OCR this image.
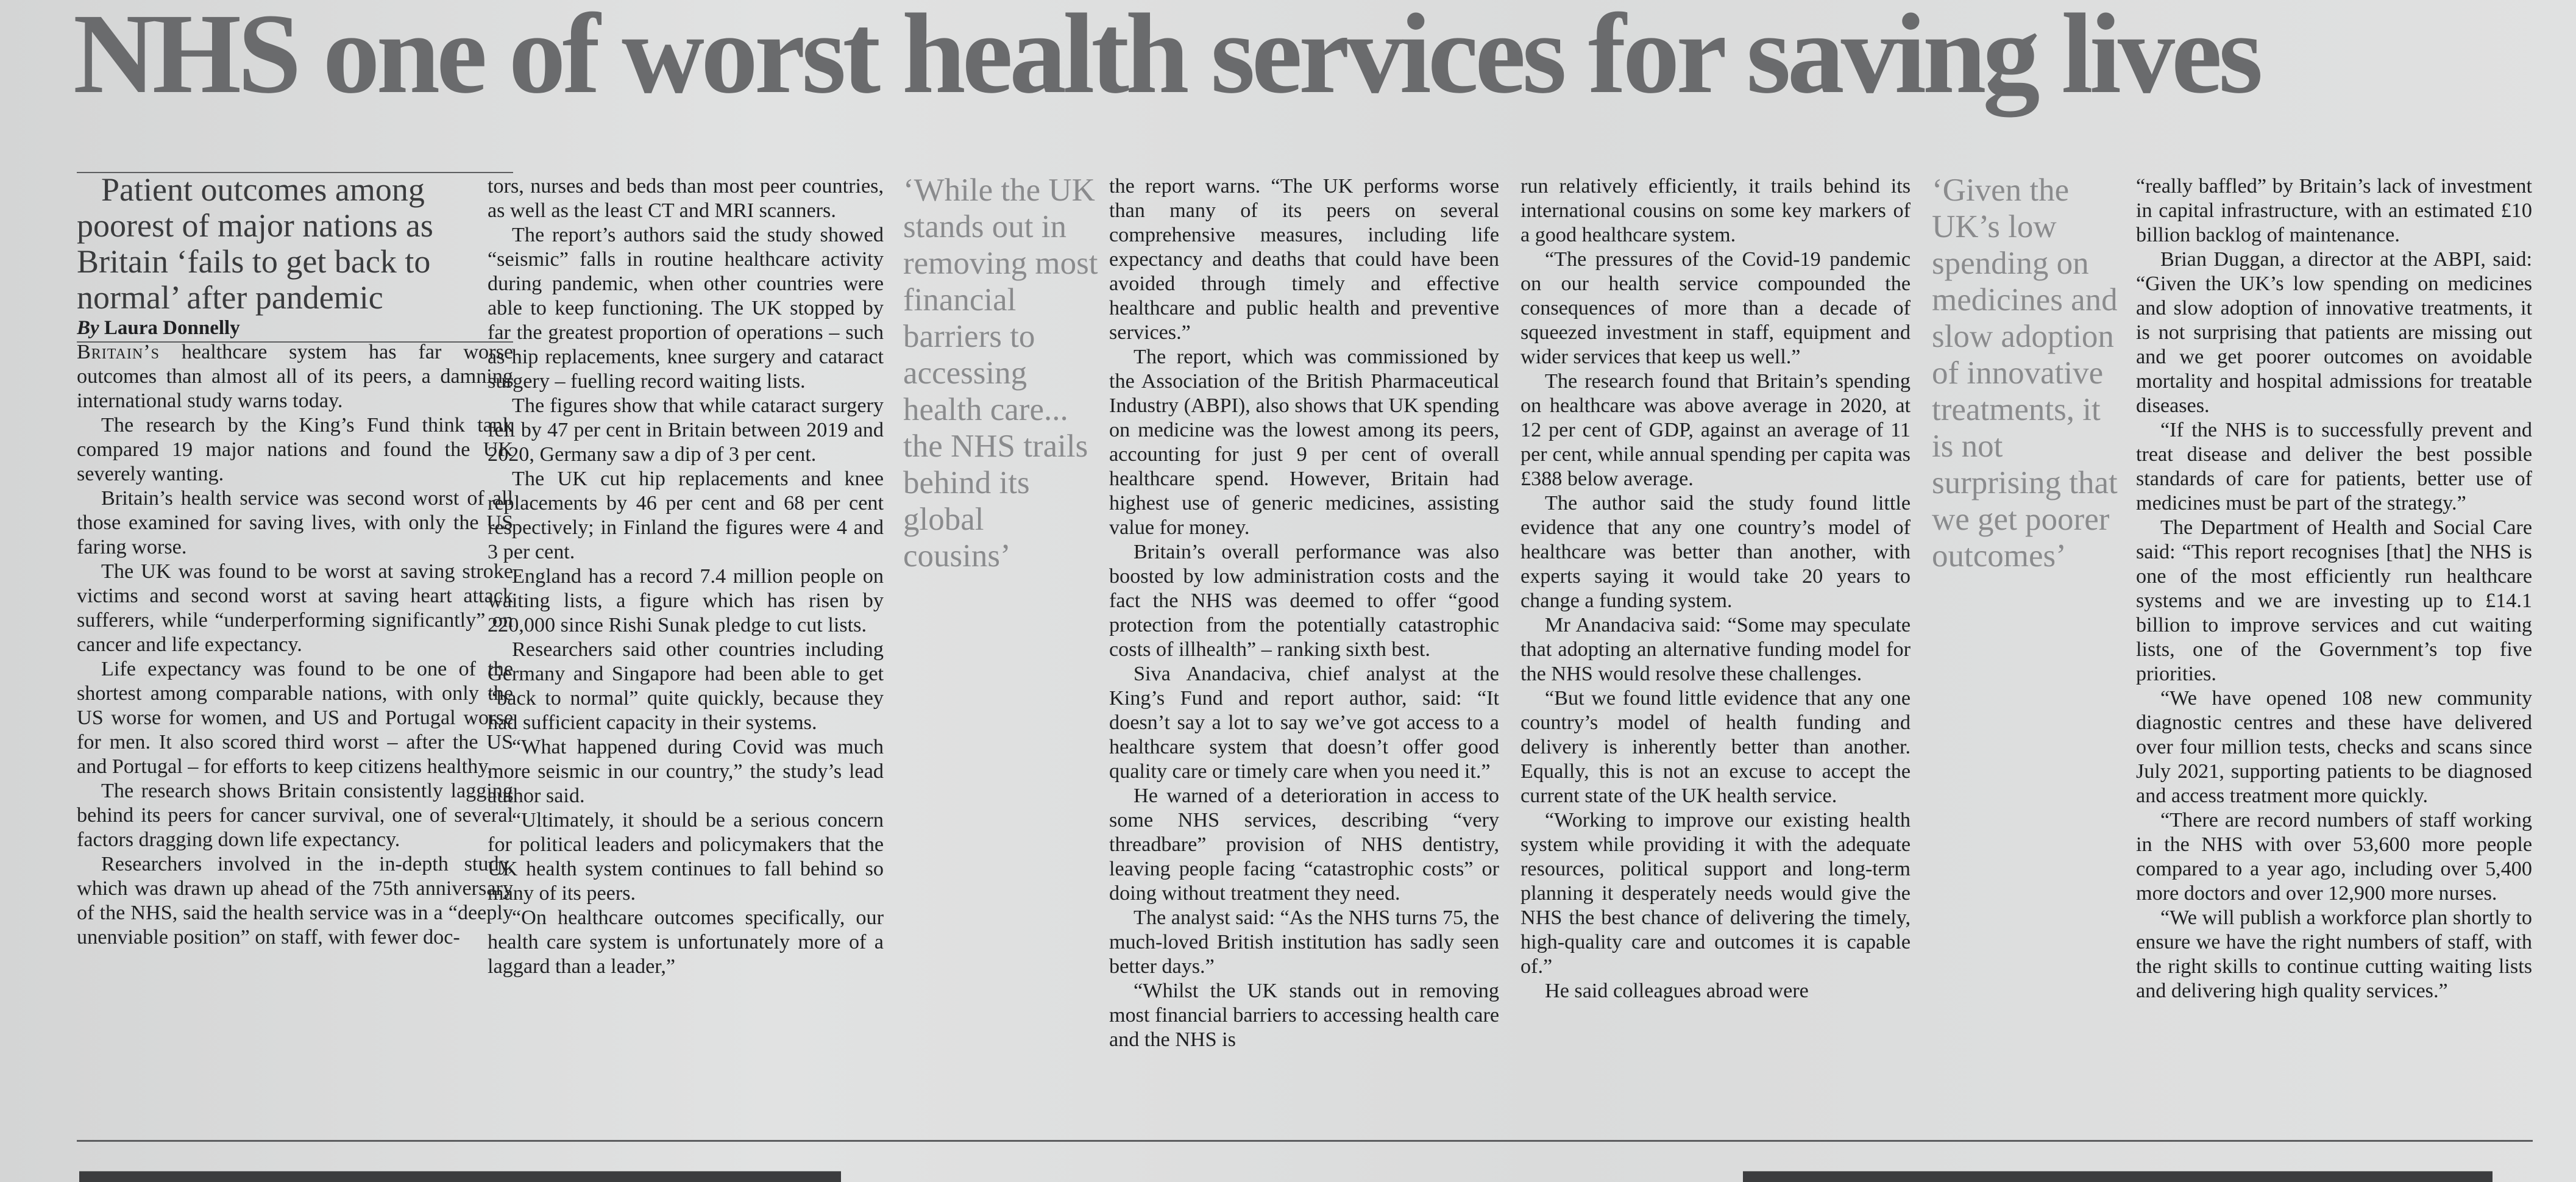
NHS one of worst health services for saving lives

Patient outcomes among poorest of major nations as Britain ‘fails to get back to normal’ after pandemic

By Laura Donnelly

Britain’s healthcare system has far worse outcomes than almost all of its peers, a damning international study warns today.

The research by the King’s Fund think tank compared 19 major nations and found the UK severely wanting.

Britain’s health service was second worst of all those examined for saving lives, with only the US faring worse.

The UK was found to be worst at saving stroke victims and second worst at saving heart attack sufferers, while “underperforming significantly” on cancer and life expectancy.

Life expectancy was found to be one of the shortest among comparable nations, with only the US worse for women, and US and Portugal worse for men. It also scored third worst – after the US and Portugal – for efforts to keep citizens healthy.

The research shows Britain consistently lagging behind its peers for cancer survival, one of several factors dragging down life expectancy.

Researchers involved in the in-depth study, which was drawn up ahead of the 75th anniversary of the NHS, said the health service was in a “deeply unenviable position” on staff, with fewer doc-

tors, nurses and beds than most peer countries, as well as the least CT and MRI scanners.

The report’s authors said the study showed “seismic” falls in routine healthcare activity during pandemic, when other countries were able to keep functioning. The UK stopped by far the greatest proportion of operations – such as hip replacements, knee surgery and cataract surgery – fuelling record waiting lists.

The figures show that while cataract surgery fell by 47 per cent in Britain between 2019 and 2020, Germany saw a dip of 3 per cent.

The UK cut hip replacements and knee replacements by 46 per cent and 68 per cent respectively; in Finland the figures were 4 and 3 per cent.

England has a record 7.4 million people on waiting lists, a figure which has risen by 220,000 since Rishi Sunak pledge to cut lists.

Researchers said other countries including Germany and Singapore had been able to get “back to normal” quite quickly, because they had sufficient capacity in their systems.

“What happened during Covid was much more seismic in our country,” the study’s lead author said.

“Ultimately, it should be a serious concern for political leaders and policymakers that the UK health system continues to fall behind so many of its peers.

“On healthcare outcomes specifically, our health care system is unfortunately more of a laggard than a leader,”

‘While the UK stands out in removing most financial barriers to accessing health care... the NHS trails behind its global cousins’

the report warns. “The UK performs worse than many of its peers on several comprehensive measures, including life expectancy and deaths that could have been avoided through timely and effective healthcare and public health and preventive services.”

The report, which was commissioned by the Association of the British Pharmaceutical Industry (ABPI), also shows that UK spending on medicine was the lowest among its peers, accounting for just 9 per cent of overall healthcare spend. However, Britain had highest use of generic medicines, assisting value for money.

Britain’s overall performance was also boosted by low administration costs and the fact the NHS was deemed to offer “good protection from the potentially catastrophic costs of illhealth” – ranking sixth best.

Siva Anandaciva, chief analyst at the King’s Fund and report author, said: “It doesn’t say a lot to say we’ve got access to a healthcare system that doesn’t offer good quality care or timely care when you need it.”

He warned of a deterioration in access to some NHS services, describing “very threadbare” provision of NHS dentistry, leaving people facing “catastrophic costs” or doing without treatment they need.

The analyst said: “As the NHS turns 75, the much-loved British institution has sadly seen better days.”

“Whilst the UK stands out in removing most financial barriers to accessing health care and the NHS is

run relatively efficiently, it trails behind its international cousins on some key markers of a good healthcare system.

“The pressures of the Covid-19 pandemic on our health service compounded the consequences of more than a decade of squeezed investment in staff, equipment and wider services that keep us well.”

The research found that Britain’s spending on healthcare was above average in 2020, at 12 per cent of GDP, against an average of 11 per cent, while annual spending per capita was £388 below average.

The author said the study found little evidence that any one country’s model of healthcare was better than another, with experts saying it would take 20 years to change a funding system.

Mr Anandaciva said: “Some may speculate that adopting an alternative funding model for the NHS would resolve these challenges.

“But we found little evidence that any one country’s model of health funding and delivery is inherently better than another. Equally, this is not an excuse to accept the current state of the UK health service.

“Working to improve our existing health system while providing it with the adequate resources, political support and long-term planning it desperately needs would give the NHS the best chance of delivering the timely, high-quality care and outcomes it is capable of.”

He said colleagues abroad were

‘Given the UK’s low spending on medicines and slow adoption of innovative treatments, it is not surprising that we get poorer outcomes’

“really baffled” by Britain’s lack of investment in capital infrastructure, with an estimated £10 billion backlog of maintenance.

Brian Duggan, a director at the ABPI, said: “Given the UK’s low spending on medicines and slow adoption of innovative treatments, it is not surprising that patients are missing out and we get poorer outcomes on avoidable mortality and hospital admissions for treatable diseases.

“If the NHS is to successfully prevent and treat disease and deliver the best possible standards of care for patients, better use of medicines must be part of the strategy.”

The Department of Health and Social Care said: “This report recognises [that] the NHS is one of the most efficiently run healthcare systems and we are investing up to £14.1 billion to improve services and cut waiting lists, one of the Government’s top five priorities.

“We have opened 108 new community diagnostic centres and these have delivered over four million tests, checks and scans since July 2021, supporting patients to be diagnosed and access treatment more quickly.

“There are record numbers of staff working in the NHS with over 53,600 more people compared to a year ago, including over 5,400 more doctors and over 12,900 more nurses.

“We will publish a workforce plan shortly to ensure we have the right numbers of staff, with the right skills to continue cutting waiting lists and delivering high quality services.”
